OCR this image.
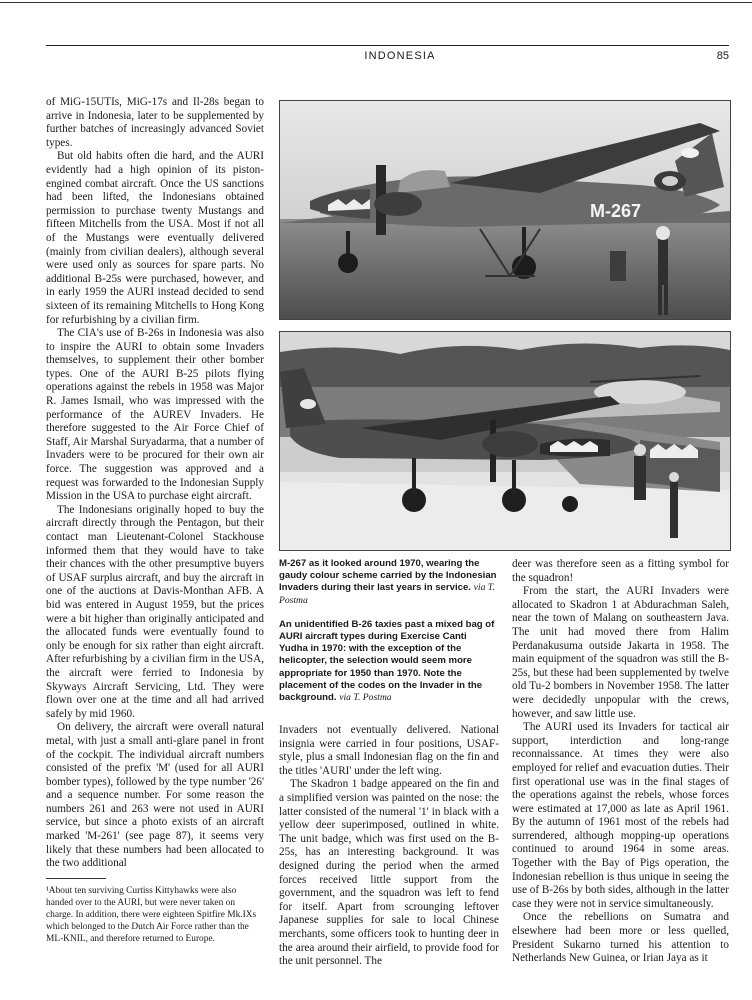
INDONESIA	85

of MiG-15UTIs, MiG-17s and Il-28s began to arrive in Indonesia, later to be supplemented by further batches of increasingly advanced Soviet types.

But old habits often die hard, and the AURI evidently had a high opinion of its piston-engined combat aircraft. Once the US sanctions had been lifted, the Indonesians obtained permission to purchase twenty Mustangs and fifteen Mitchells from the USA. Most if not all of the Mustangs were eventually delivered (mainly from civilian dealers), although several were used only as sources for spare parts. No additional B-25s were purchased, however, and in early 1959 the AURI instead decided to send sixteen of its remaining Mitchells to Hong Kong for refurbishing by a civilian firm.

The CIA's use of B-26s in Indonesia was also to inspire the AURI to obtain some Invaders themselves, to supplement their other bomber types. One of the AURI B-25 pilots flying operations against the rebels in 1958 was Major R. James Ismail, who was impressed with the performance of the AUREV Invaders. He therefore suggested to the Air Force Chief of Staff, Air Marshal Suryadarma, that a number of Invaders were to be procured for their own air force. The suggestion was approved and a request was forwarded to the Indonesian Supply Mission in the USA to purchase eight aircraft.

The Indonesians originally hoped to buy the aircraft directly through the Pentagon, but their contact man Lieutenant-Colonel Stackhouse informed them that they would have to take their chances with the other presumptive buyers of USAF surplus aircraft, and buy the aircraft in one of the auctions at Davis-Monthan AFB. A bid was entered in August 1959, but the prices were a bit higher than originally anticipated and the allocated funds were eventually found to only be enough for six rather than eight aircraft. After refurbishing by a civilian firm in the USA, the aircraft were ferried to Indonesia by Skyways Aircraft Servicing, Ltd. They were flown over one at the time and all had arrived safely by mid 1960.

On delivery, the aircraft were overall natural metal, with just a small anti-glare panel in front of the cockpit. The individual aircraft numbers consisted of the prefix 'M' (used for all AURI bomber types), followed by the type number '26' and a sequence number. For some reason the numbers 261 and 263 were not used in AURI service, but since a photo exists of an aircraft marked 'M-261' (see page 87), it seems very likely that these numbers had been allocated to the two additional

¹About ten surviving Curtiss Kittyhawks were also handed over to the AURI, but were never taken on charge. In addition, there were eighteen Spitfire Mk.IXs which belonged to the Dutch Air Force rather than the ML-KNIL, and therefore returned to Europe.

M-267

M-267 as it looked around 1970, wearing the gaudy colour scheme carried by the Indonesian Invaders during their last years in service. via T. Postma

An unidentified B-26 taxies past a mixed bag of AURI aircraft types during Exercise Canti Yudha in 1970: with the exception of the helicopter, the selection would seem more appropriate for 1950 than 1970. Note the placement of the codes on the Invader in the background. via T. Postma

Invaders not eventually delivered. National insignia were carried in four positions, USAF-style, plus a small Indonesian flag on the fin and the titles 'AURI' under the left wing.

The Skadron 1 badge appeared on the fin and a simplified version was painted on the nose: the latter consisted of the numeral '1' in black with a yellow deer superimposed, outlined in white. The unit badge, which was first used on the B-25s, has an interesting background. It was designed during the period when the armed forces received little support from the government, and the squadron was left to fend for itself. Apart from scrounging leftover Japanese supplies for sale to local Chinese merchants, some officers took to hunting deer in the area around their airfield, to provide food for the unit personnel. The

deer was therefore seen as a fitting symbol for the squadron!

From the start, the AURI Invaders were allocated to Skadron 1 at Abdurachman Saleh, near the town of Malang on southeastern Java. The unit had moved there from Halim Perdanakusuma outside Jakarta in 1958. The main equipment of the squadron was still the B-25s, but these had been supplemented by twelve old Tu-2 bombers in November 1958. The latter were decidedly unpopular with the crews, however, and saw little use.

The AURI used its Invaders for tactical air support, interdiction and long-range reconnaissance. At times they were also employed for relief and evacuation duties. Their first operational use was in the final stages of the operations against the rebels, whose forces were estimated at 17,000 as late as April 1961. By the autumn of 1961 most of the rebels had surrendered, although mopping-up operations continued to around 1964 in some areas. Together with the Bay of Pigs operation, the Indonesian rebellion is thus unique in seeing the use of B-26s by both sides, although in the latter case they were not in service simultaneously.

Once the rebellions on Sumatra and elsewhere had been more or less quelled, President Sukarno turned his attention to Netherlands New Guinea, or Irian Jaya as it
